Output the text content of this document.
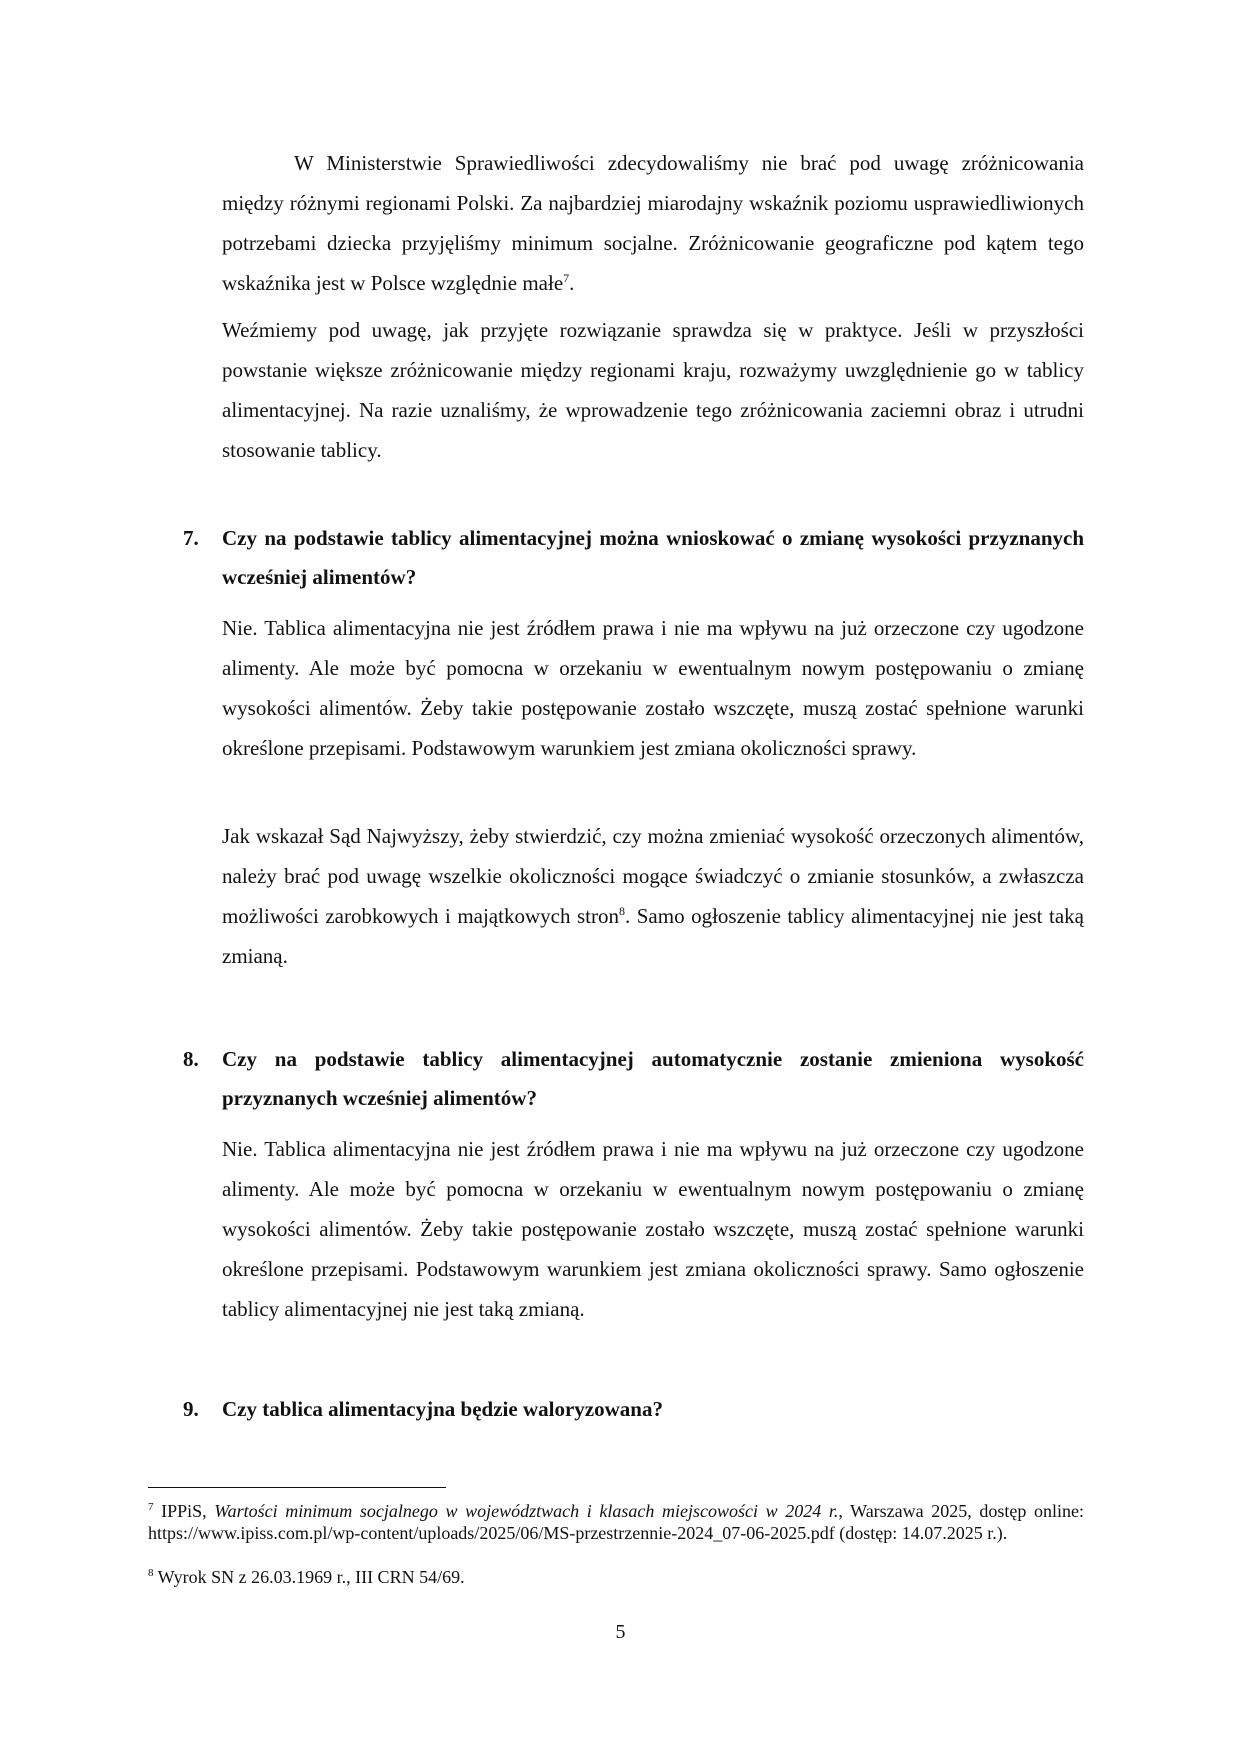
W Ministerstwie Sprawiedliwości zdecydowaliśmy nie brać pod uwagę zróżnicowania między różnymi regionami Polski. Za najbardziej miarodajny wskaźnik poziomu usprawiedliwionych potrzebami dziecka przyjęliśmy minimum socjalne. Zróżnicowanie geograficzne pod kątem tego wskaźnika jest w Polsce względnie małe$^7$.

Weźmiemy pod uwagę, jak przyjęte rozwiązanie sprawdza się w praktyce. Jeśli w przyszłości powstanie większe zróżnicowanie między regionami kraju, rozważymy uwzględnienie go w tablicy alimentacyjnej. Na razie uznaliśmy, że wprowadzenie tego zróżnicowania zaciemni obraz i utrudni stosowanie tablicy.

7. Czy na podstawie tablicy alimentacyjnej można wnioskować o zmianę wysokości przyznanych wcześniej alimentów?

Nie. Tablica alimentacyjna nie jest źródłem prawa i nie ma wpływu na już orzeczone czy ugodzone alimenty. Ale może być pomocna w orzekaniu w ewentualnym nowym postępowaniu o zmianę wysokości alimentów. Żeby takie postępowanie zostało wszczęte, muszą zostać spełnione warunki określone przepisami. Podstawowym warunkiem jest zmiana okoliczności sprawy.

Jak wskazał Sąd Najwyższy, żeby stwierdzić, czy można zmieniać wysokość orzeczonych alimentów, należy brać pod uwagę wszelkie okoliczności mogące świadczyć o zmianie stosunków, a zwłaszcza możliwości zarobkowych i majątkowych stron$^8$. Samo ogłoszenie tablicy alimentacyjnej nie jest taką zmianą.

8. Czy na podstawie tablicy alimentacyjnej automatycznie zostanie zmieniona wysokość przyznanych wcześniej alimentów?

Nie. Tablica alimentacyjna nie jest źródłem prawa i nie ma wpływu na już orzeczone czy ugodzone alimenty. Ale może być pomocna w orzekaniu w ewentualnym nowym postępowaniu o zmianę wysokości alimentów. Żeby takie postępowanie zostało wszczęte, muszą zostać spełnione warunki określone przepisami. Podstawowym warunkiem jest zmiana okoliczności sprawy. Samo ogłoszenie tablicy alimentacyjnej nie jest taką zmianą.

9. Czy tablica alimentacyjna będzie waloryzowana?

$^7$ IPPiS, Wartości minimum socjalnego w województwach i klasach miejscowości w 2024 r., Warszawa 2025, dostęp online: https://www.ipiss.com.pl/wp-content/uploads/2025/06/MS-przestrzennie-2024_07-06-2025.pdf (dostęp: 14.07.2025 r.).

$^8$ Wyrok SN z 26.03.1969 r., III CRN 54/69.

5
